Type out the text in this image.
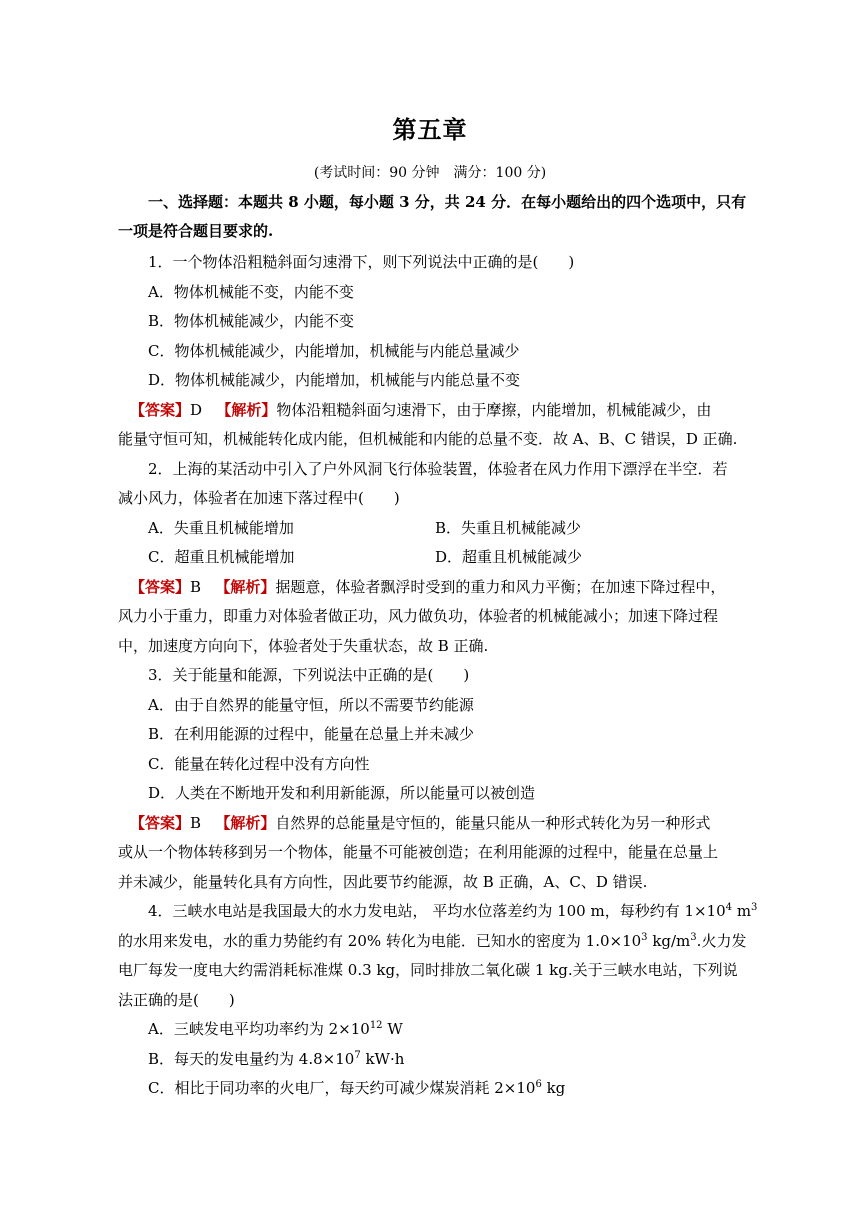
第五章
(考试时间：90 分钟　满分：100 分)
一、选择题：本题共 8 小题，每小题 3 分，共 24 分．在每小题给出的四个选项中，只有
一项是符合题目要求的.
1．一个物体沿粗糙斜面匀速滑下，则下列说法中正确的是(　　)
A．物体机械能不变，内能不变
B．物体机械能减少，内能不变
C．物体机械能减少，内能增加，机械能与内能总量减少
D．物体机械能减少，内能增加，机械能与内能总量不变
【答案】D 【解析】物体沿粗糙斜面匀速滑下，由于摩擦，内能增加，机械能减少，由
能量守恒可知，机械能转化成内能，但机械能和内能的总量不变．故 A、B、C 错误，D 正确.
2．上海的某活动中引入了户外风洞飞行体验装置，体验者在风力作用下漂浮在半空．若
减小风力，体验者在加速下落过程中(　　)
A．失重且机械能增加	B．失重且机械能减少
C．超重且机械能增加	D．超重且机械能减少
【答案】B 【解析】据题意，体验者飘浮时受到的重力和风力平衡；在加速下降过程中，
风力小于重力，即重力对体验者做正功，风力做负功，体验者的机械能减小；加速下降过程
中，加速度方向向下，体验者处于失重状态，故 B 正确.
3．关于能量和能源，下列说法中正确的是(　　)
A．由于自然界的能量守恒，所以不需要节约能源
B．在利用能源的过程中，能量在总量上并未减少
C．能量在转化过程中没有方向性
D．人类在不断地开发和利用新能源，所以能量可以被创造
【答案】B 【解析】自然界的总能量是守恒的，能量只能从一种形式转化为另一种形式
或从一个物体转移到另一个物体，能量不可能被创造；在利用能源的过程中，能量在总量上
并未减少，能量转化具有方向性，因此要节约能源，故 B 正确，A、C、D 错误.
4．三峡水电站是我国最大的水力发电站， 平均水位落差约为 100 m，每秒约有 $1\times 10^4$ $m^3$
的水用来发电，水的重力势能约有 20% 转化为电能．已知水的密度为 $1.0\times 10^3$ $kg/m^3$.火力发
电厂每发一度电大约需消耗标准煤 0.3 kg，同时排放二氧化碳 1 kg.关于三峡水电站，下列说
法正确的是(　　)
A．三峡发电平均功率约为 $2\times 10^{12}$ W
B．每天的发电量约为 $4.8\times 10^7$ kW·h
C．相比于同功率的火电厂，每天约可减少煤炭消耗 $2\times 10^6$ kg
